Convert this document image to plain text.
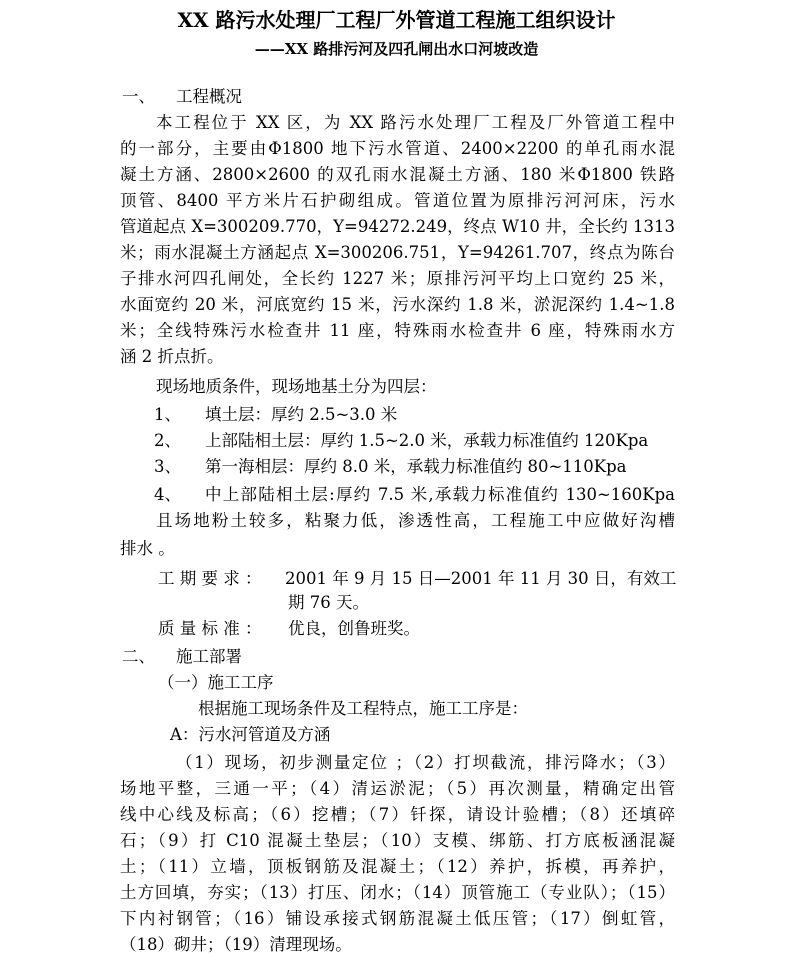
XX 路污水处理厂工程厂外管道工程施工组织设计
——XX 路排污河及四孔闸出水口河坡改造
一、 工程概况
本工程位于 XX 区，为 XX 路污水处理厂工程及厂外管道工程中
的一部分，主要由Φ1800 地下污水管道、2400×2200 的单孔雨水混
凝土方涵、2800×2600 的双孔雨水混凝土方涵、180 米Φ1800 铁路
顶管、8400 平方米片石护砌组成。管道位置为原排污河河床，污水
管道起点 X=300209.770，Y=94272.249，终点 W10 井，全长约 1313
米；雨水混凝土方涵起点 X=300206.751，Y=94261.707，终点为陈台
子排水河四孔闸处，全长约 1227 米；原排污河平均上口宽约 25 米，
水面宽约 20 米，河底宽约 15 米，污水深约 1.8 米，淤泥深约 1.4~1.8
米；全线特殊污水检查井 11 座，特殊雨水检查井 6 座，特殊雨水方
涵 2 折点折。
现场地质条件，现场地基土分为四层：
1、 填土层：厚约 2.5~3.0 米
2、 上部陆相土层：厚约 1.5~2.0 米，承载力标准值约 120Kpa
3、 第一海相层：厚约 8.0 米，承载力标准值约 80~110Kpa
4、 中上部陆相土层:厚约 7.5 米,承载力标准值约 130~160Kpa
且场地粉土较多，粘聚力低，渗透性高，工程施工中应做好沟槽
排水 。
工 期 要 求 ： 2001 年 9 月 15 日—2001 年 11 月 30 日，有效工
期 76 天。
质 量 标 准 ： 优良，创鲁班奖。
二、 施工部署
（一）施工工序
根据施工现场条件及工程特点，施工工序是：
A：污水河管道及方涵
（1）现场，初步测量定位 ；（2）打坝截流，排污降水；（3）
场地平整，三通一平；（4）清运淤泥；（5）再次测量，精确定出管
线中心线及标高；（6）挖槽；（7）钎探，请设计验槽；（8）还填碎
石；（9）打 C10 混凝土垫层；（10）支模、绑筋、打方底板涵混凝
土；（11）立墙，顶板钢筋及混凝土；（12）养护，拆模，再养护，
土方回填，夯实；（13）打压、闭水；（14）顶管施工（专业队）；（15）
下内衬钢管；（16）铺设承接式钢筋混凝土低压管；（17）倒虹管，
（18）砌井；（19）清理现场。
